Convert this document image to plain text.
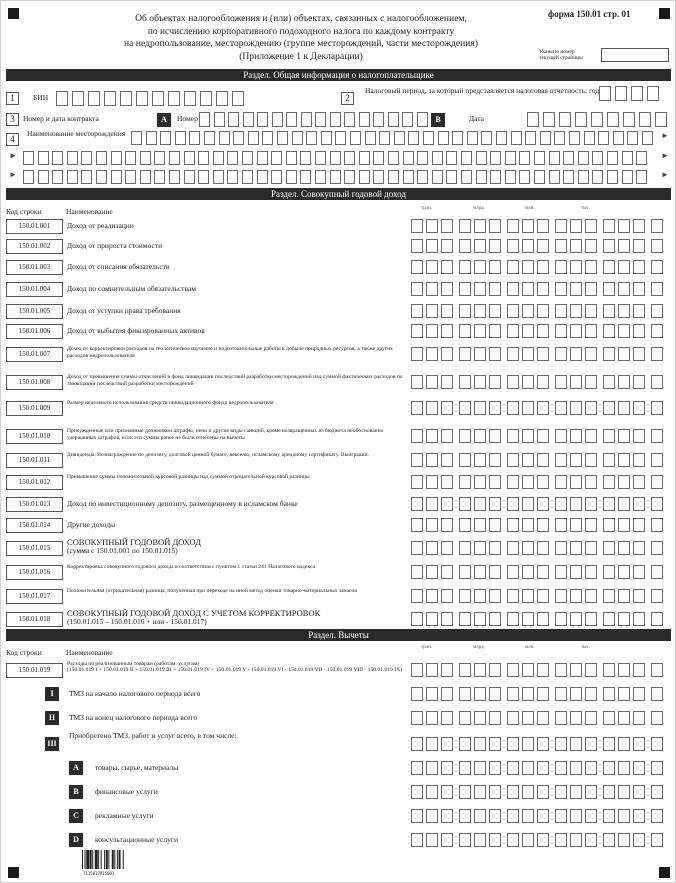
Об объектах налогообложения и (или) объектах, связанных с налогообложением,
по исчислению корпоративного подоходного налога по каждому контракту
на недропользование, месторождению (группе месторождений, части месторождения)
(Приложение 1 к Декларации)
форма 150.01 стр. 01
Укажите номер текущей страницы
Раздел. Общая информация о налогоплательщике
1	БИН	2
Налоговый период, за который представляется налоговая отчетность: год
3	Номер и дата контракта	A	Номер	B	Дата
4
Наименование месторождения	►
►	►
►	►
Раздел. Совокупный годовой доход
Код строки	Наименование
150.01.001	Доход от реализации
150.01.002	Доход от прироста стоимости
150.01.003	Доход от списания обязательств
150.01.004	Доход по сомнительным обязательствам
150.01.005	Доход от уступки права требования
150.01.006	Доход от выбытия фиксированных активов
150.01.007
Доход от корректировки расходов на геологическое изучение и подготовительные работы к добыче природных ресурсов, а также других расходов недропользователя
150.01.008
Доход от превышения суммы отчислений в фонд ликвидации последствий разработки месторождений над суммой фактических расходов по ликвидации последствий разработки месторождений
150.01.009
Размер нецелевого использования средств ликвидационного фонда недропользователя
150.01.010
Присужденные или признанные должником штрафы, пени и другие виды санкций, кроме возвращенных из бюджета необоснованно удержанных штрафов, если эти суммы ранее не были отнесены на вычеты
150.01.011
Дивиденды. Вознаграждение по депозиту, долговой ценной бумаге, векселю, исламскому арендному сертификату. Выигрыши.
150.01.012
Превышение суммы положительной курсовой разницы над суммой отрицательной курсовой разницы
150.01.013	Доход по инвестиционному депозиту, размещенному в исламском банке
150.01.014	Другие доходы
150.01.015
СОВОКУПНЫЙ ГОДОВОЙ ДОХОД
(сумма с 150.01.001 по 150.01.015)
150.01.016
Корректировка совокупного годового дохода в соответствии с пунктом 1 статьи 241 Налогового кодекса
150.01.017
Положительная (отрицательная) разница, полученная при переходе на иной метод оценки товарно-материальных запасов
150.01.018
СОВОКУПНЫЙ ГОДОВОЙ ДОХОД С УЧЕТОМ КОРРЕКТИРОВОК
(150.01.015 – 150.01.016 + или - 150.01.017)
трлн.
трлн.
млрд.
млрд.
млн.
млн.
тыс.
тыс.
Раздел. Вычеты
Код строки	Наименование
150.01.019
Расходы по реализованным товарам (работам, услугам)
(150.01.019 I + 150.01.019 II + 150.01.019 III + 150.01.019 IV + 150.01.019 V - 150.01.019 VI - 150.01.019 VII - 150.01.019 VIII - 150.01.019 IX)
I	ТМЗ на начало налогового периода всего
II	ТМЗ на конец налогового периода всего
III
Приобретено ТМЗ, работ и услуг всего, в том числе:
A	товары, сырье, материалы
B	финансовые услуги
C	рекламные услуги
D	консультационные услуги
7115017915001
